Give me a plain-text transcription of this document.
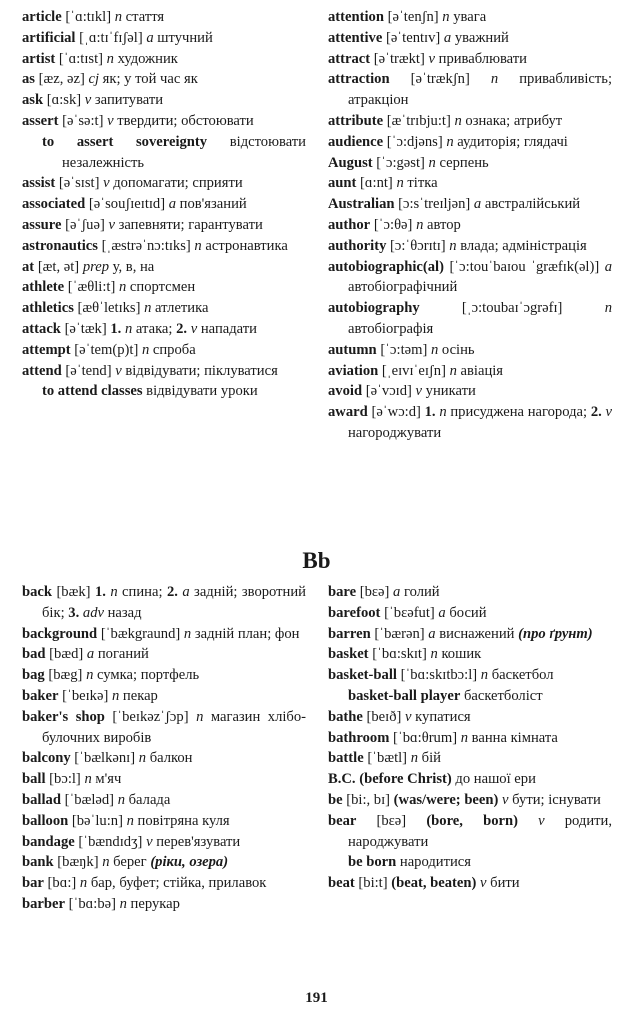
article [ˈɑ:tɪkl] n стаття
artificial [ˌɑ:tɪˈfɪʃəl] a штучний
artist [ˈɑ:tɪst] n художник
as [æz, əz] cj як; у той час як
ask [ɑ:sk] v запитувати
assert [əˈsə:t] v твердити; обстоювати
to assert sovereignty відстоювати незалежність
assist [əˈsɪst] v допомагати; сприяти
associated [əˈsouʃɪeɪtɪd] a пов'язаний
assure [əˈʃuə] v запевняти; гарантувати
astronautics [ˌæstrəˈnɔ:tɪks] n астронавтика
at [æt, ət] prep у, в, на
athlete [ˈæθli:t] n спортсмен
athletics [æθˈletɪks] n атлетика
attack [əˈtæk] 1. n атака; 2. v нападати
attempt [əˈtem(p)t] n спроба
attend [əˈtend] v відвідувати; піклуватися
to attend classes відвідувати уроки
attention [əˈtenʃn] n увага
attentive [əˈtentɪv] a уважний
attract [əˈtrækt] v приваблювати
attraction [əˈtrækʃn] n привабливість; атракціон
attribute [æˈtrɪbju:t] n ознака; атрибут
audience [ˈɔ:djəns] n аудиторія; глядачі
August [ˈɔ:gəst] n серпень
aunt [ɑ:nt] n тітка
Australian [ɔ:sˈtreɪljən] a австралійський
author [ˈɔ:θə] n автор
authority [ɔ:ˈθɔrɪtɪ] n влада; адміністрація
autobiographic(al) [ˈɔ:touˈbaɪou ˈgræfɪk(əl)] a автобіографічний
autobiography [ˌɔ:toubaɪˈɔgrəfɪ] n автобіографія
autumn [ˈɔ:təm] n осінь
aviation [ˌeɪvɪˈeɪʃn] n авіація
avoid [əˈvɔɪd] v уникати
award [əˈwɔ:d] 1. n присуджена нагорода; 2. v нагороджувати
Bb
back [bæk] 1. n спина; 2. a задній; зворотний бік; 3. adv назад
background [ˈbækgraund] n задній план; фон
bad [bæd] a поганий
bag [bæg] n сумка; портфель
baker [ˈbeɪkə] n пекар
baker's shop [ˈbeɪkəzˈʃɔp] n магазин хлібо-булочних виробів
balcony [ˈbælkənɪ] n балкон
ball [bɔ:l] n м'яч
ballad [ˈbæləd] n балада
balloon [bəˈlu:n] n повітряна куля
bandage [ˈbændɪdʒ] v перев'язувати
bank [bæŋk] n берег (ріки, озера)
bar [bɑ:] n бар, буфет; стійка, прилавок
barber [ˈbɑ:bə] n перукар
bare [bɛə] a голий
barefoot [ˈbɛəfut] a босий
barren [ˈbærən] a виснажений (про ґрунт)
basket [ˈbɑ:skɪt] n кошик
basket-ball [ˈbɑ:skɪtbɔ:l] n баскетбол
basket-ball player баскетболіст
bathe [beɪð] v купатися
bathroom [ˈbɑ:θrum] n ванна кімната
battle [ˈbætl] n бій
B.C. (before Christ) до нашої ери
be [bi:, bɪ] (was/were; been) v бути; існувати
bear [bɛə] (bore, born) v родити, народжувати
be born народитися
beat [bi:t] (beat, beaten) v бити
191
